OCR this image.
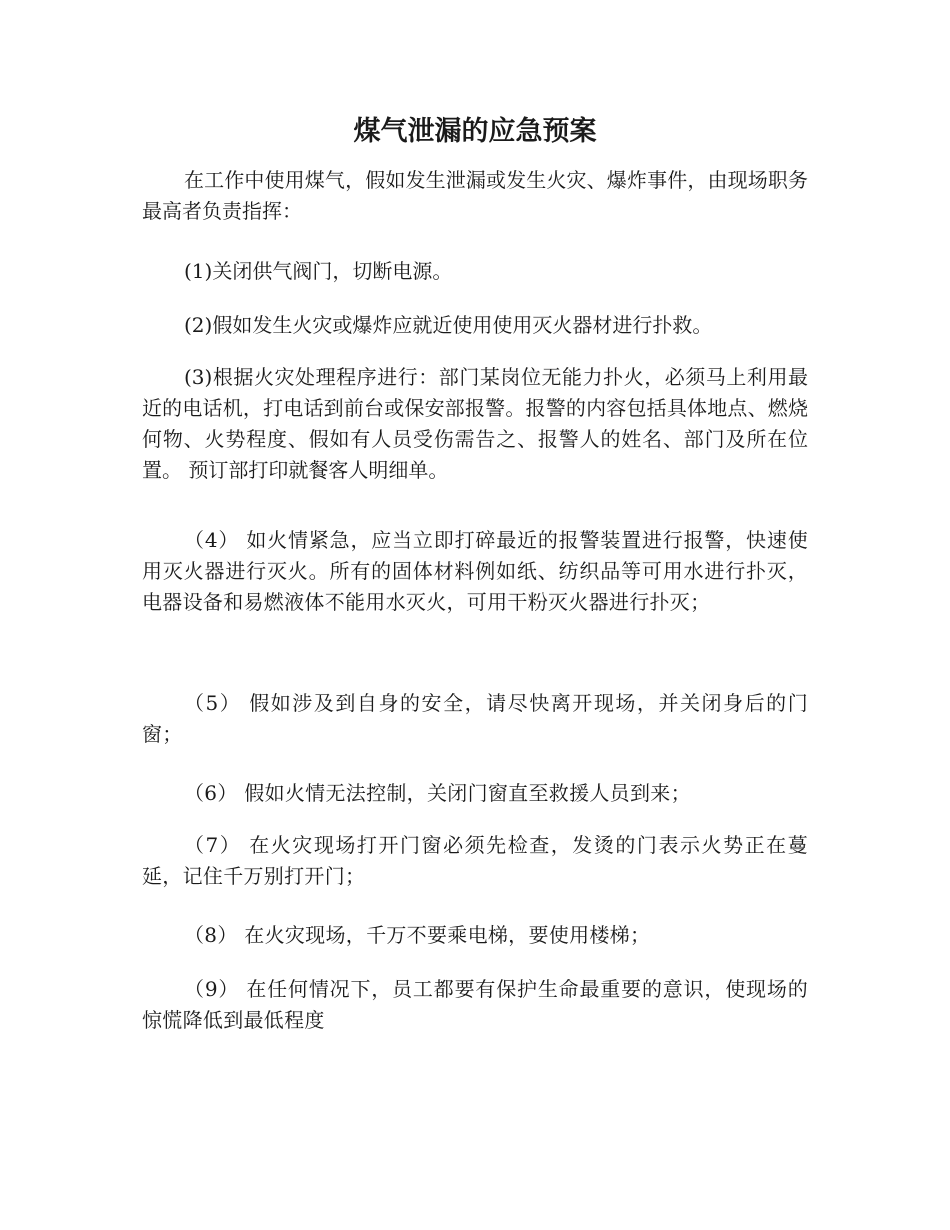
煤气泄漏的应急预案

在工作中使用煤气，假如发生泄漏或发生火灾、爆炸事件，由现场职务最高者负责指挥：

(1)关闭供气阀门，切断电源。

(2)假如发生火灾或爆炸应就近使用使用灭火器材进行扑救。

(3)根据火灾处理程序进行：部门某岗位无能力扑火，必须马上利用最近的电话机，打电话到前台或保安部报警。报警的内容包括具体地点、燃烧何物、火势程度、假如有人员受伤需告之、报警人的姓名、部门及所在位置。 预订部打印就餐客人明细单。

（4） 如火情紧急，应当立即打碎最近的报警装置进行报警，快速使用灭火器进行灭火。所有的固体材料例如纸、纺织品等可用水进行扑灭，电器设备和易燃液体不能用水灭火，可用干粉灭火器进行扑灭；

（5） 假如涉及到自身的安全，请尽快离开现场，并关闭身后的门窗；

（6） 假如火情无法控制，关闭门窗直至救援人员到来；

（7） 在火灾现场打开门窗必须先检查，发烫的门表示火势正在蔓延，记住千万别打开门；

（8） 在火灾现场，千万不要乘电梯，要使用楼梯；

（9） 在任何情况下，员工都要有保护生命最重要的意识，使现场的惊慌降低到最低程度
